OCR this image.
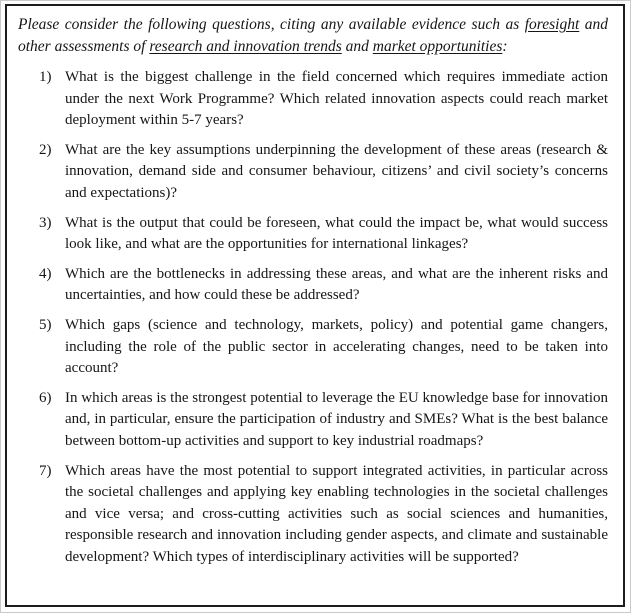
Please consider the following questions, citing any available evidence such as foresight and other assessments of research and innovation trends and market opportunities:

1) What is the biggest challenge in the field concerned which requires immediate action under the next Work Programme? Which related innovation aspects could reach market deployment within 5-7 years?
2) What are the key assumptions underpinning the development of these areas (research & innovation, demand side and consumer behaviour, citizens’ and civil society’s concerns and expectations)?
3) What is the output that could be foreseen, what could the impact be, what would success look like, and what are the opportunities for international linkages?
4) Which are the bottlenecks in addressing these areas, and what are the inherent risks and uncertainties, and how could these be addressed?
5) Which gaps (science and technology, markets, policy) and potential game changers, including the role of the public sector in accelerating changes, need to be taken into account?
6) In which areas is the strongest potential to leverage the EU knowledge base for innovation and, in particular, ensure the participation of industry and SMEs? What is the best balance between bottom-up activities and support to key industrial roadmaps?
7) Which areas have the most potential to support integrated activities, in particular across the societal challenges and applying key enabling technologies in the societal challenges and vice versa; and cross-cutting activities such as social sciences and humanities, responsible research and innovation including gender aspects, and climate and sustainable development? Which types of interdisciplinary activities will be supported?
